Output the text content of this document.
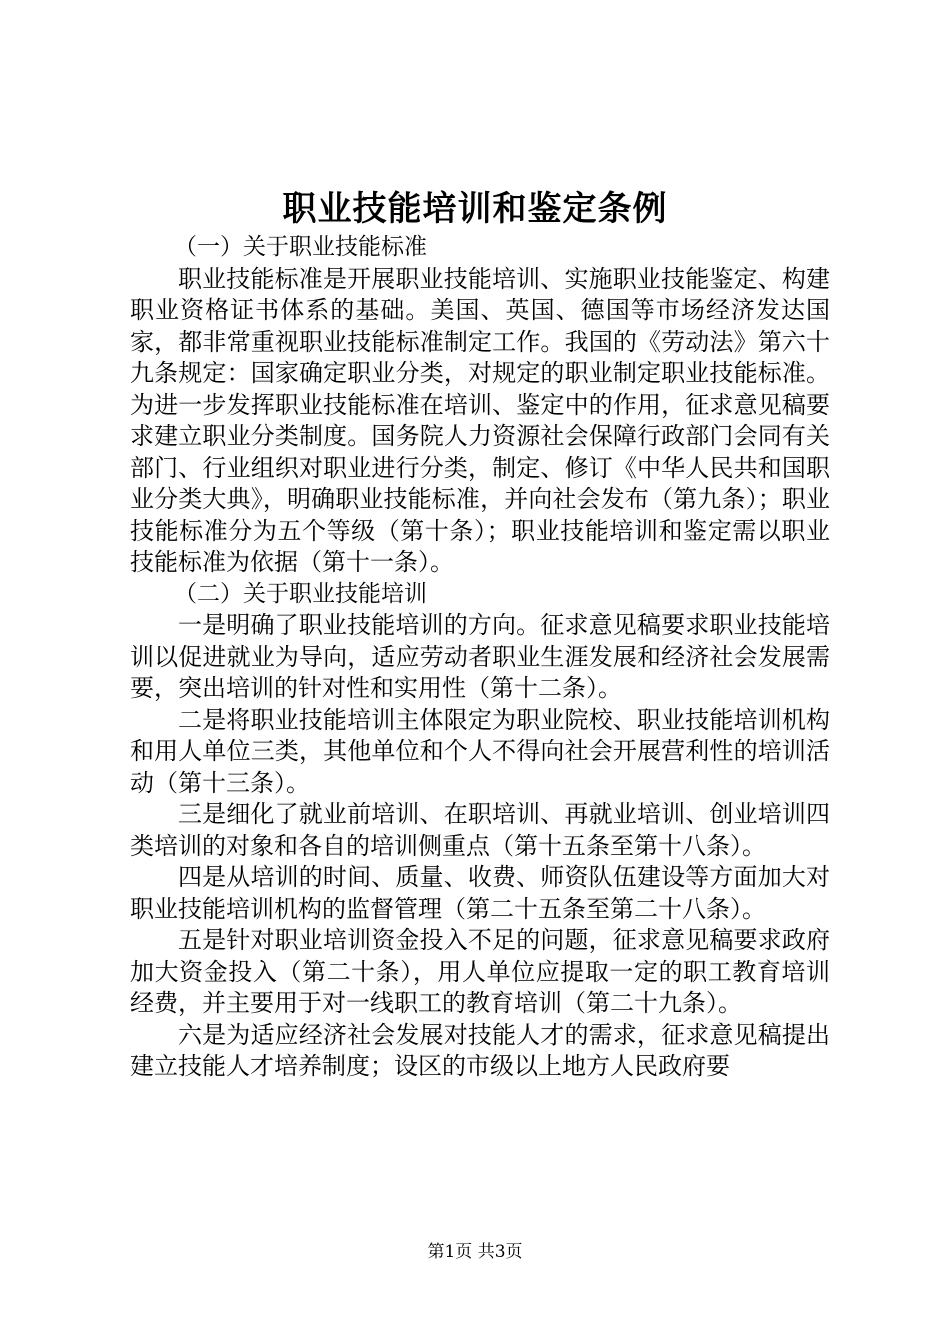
职业技能培训和鉴定条例

（一）关于职业技能标准

职业技能标准是开展职业技能培训、实施职业技能鉴定、构建职业资格证书体系的基础。美国、英国、德国等市场经济发达国家，都非常重视职业技能标准制定工作。我国的《劳动法》第六十九条规定：国家确定职业分类，对规定的职业制定职业技能标准。为进一步发挥职业技能标准在培训、鉴定中的作用，征求意见稿要求建立职业分类制度。国务院人力资源社会保障行政部门会同有关部门、行业组织对职业进行分类，制定、修订《中华人民共和国职业分类大典》，明确职业技能标准，并向社会发布（第九条）；职业技能标准分为五个等级（第十条）；职业技能培训和鉴定需以职业技能标准为依据（第十一条）。

（二）关于职业技能培训

一是明确了职业技能培训的方向。征求意见稿要求职业技能培训以促进就业为导向，适应劳动者职业生涯发展和经济社会发展需要，突出培训的针对性和实用性（第十二条）。

二是将职业技能培训主体限定为职业院校、职业技能培训机构和用人单位三类，其他单位和个人不得向社会开展营利性的培训活动（第十三条）。

三是细化了就业前培训、在职培训、再就业培训、创业培训四类培训的对象和各自的培训侧重点（第十五条至第十八条）。

四是从培训的时间、质量、收费、师资队伍建设等方面加大对职业技能培训机构的监督管理（第二十五条至第二十八条）。

五是针对职业培训资金投入不足的问题，征求意见稿要求政府加大资金投入（第二十条），用人单位应提取一定的职工教育培训经费，并主要用于对一线职工的教育培训（第二十九条）。

六是为适应经济社会发展对技能人才的需求，征求意见稿提出建立技能人才培养制度；设区的市级以上地方人民政府要

第1页 共3页
